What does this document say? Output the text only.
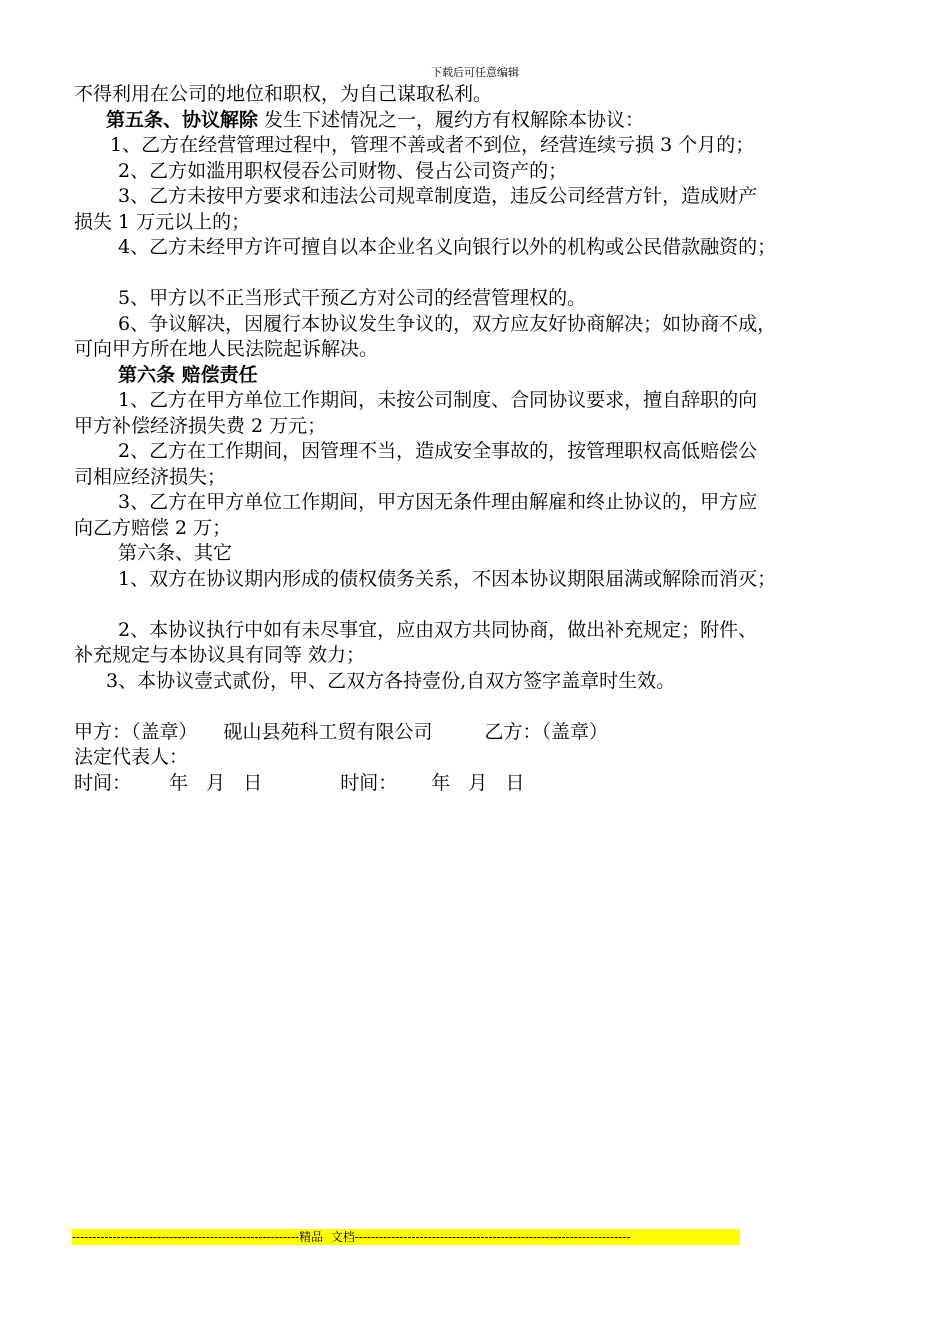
下载后可任意编辑

不得利用在公司的地位和职权，为自己谋取私利。

第五条、协议解除 发生下述情况之一，履约方有权解除本协议：

1、乙方在经营管理过程中，管理不善或者不到位，经营连续亏损 3 个月的；

2、乙方如滥用职权侵吞公司财物、侵占公司资产的；

3、乙方未按甲方要求和违法公司规章制度造，违反公司经营方针，造成财产

损失 1 万元以上的；

4、乙方未经甲方许可擅自以本企业名义向银行以外的机构或公民借款融资的；

5、甲方以不正当形式干预乙方对公司的经营管理权的。

6、争议解决，因履行本协议发生争议的，双方应友好协商解决；如协商不成，

可向甲方所在地人民法院起诉解决。

第六条 赔偿责任

1、乙方在甲方单位工作期间，未按公司制度、合同协议要求，擅自辞职的向

甲方补偿经济损失费 2 万元；

2、乙方在工作期间，因管理不当，造成安全事故的，按管理职权高低赔偿公

司相应经济损失；

3、乙方在甲方单位工作期间，甲方因无条件理由解雇和终止协议的，甲方应

向乙方赔偿 2 万；

第六条、其它

1、双方在协议期内形成的债权债务关系，不因本协议期限届满或解除而消灭；

2、本协议执行中如有未尽事宜，应由双方共同协商，做出补充规定；附件、

补充规定与本协议具有同等 效力；

3、本协议壹式贰份，甲、乙双方各持壹份,自双方签字盖章时生效。

甲方：（盖章） 砚山县苑科工贸有限公司	乙方：（盖章）

法定代表人：

时间： 年   月   日	时间： 年   月   日

--------------------------------------------------------精品  文档--------------------------------------------------------------------
